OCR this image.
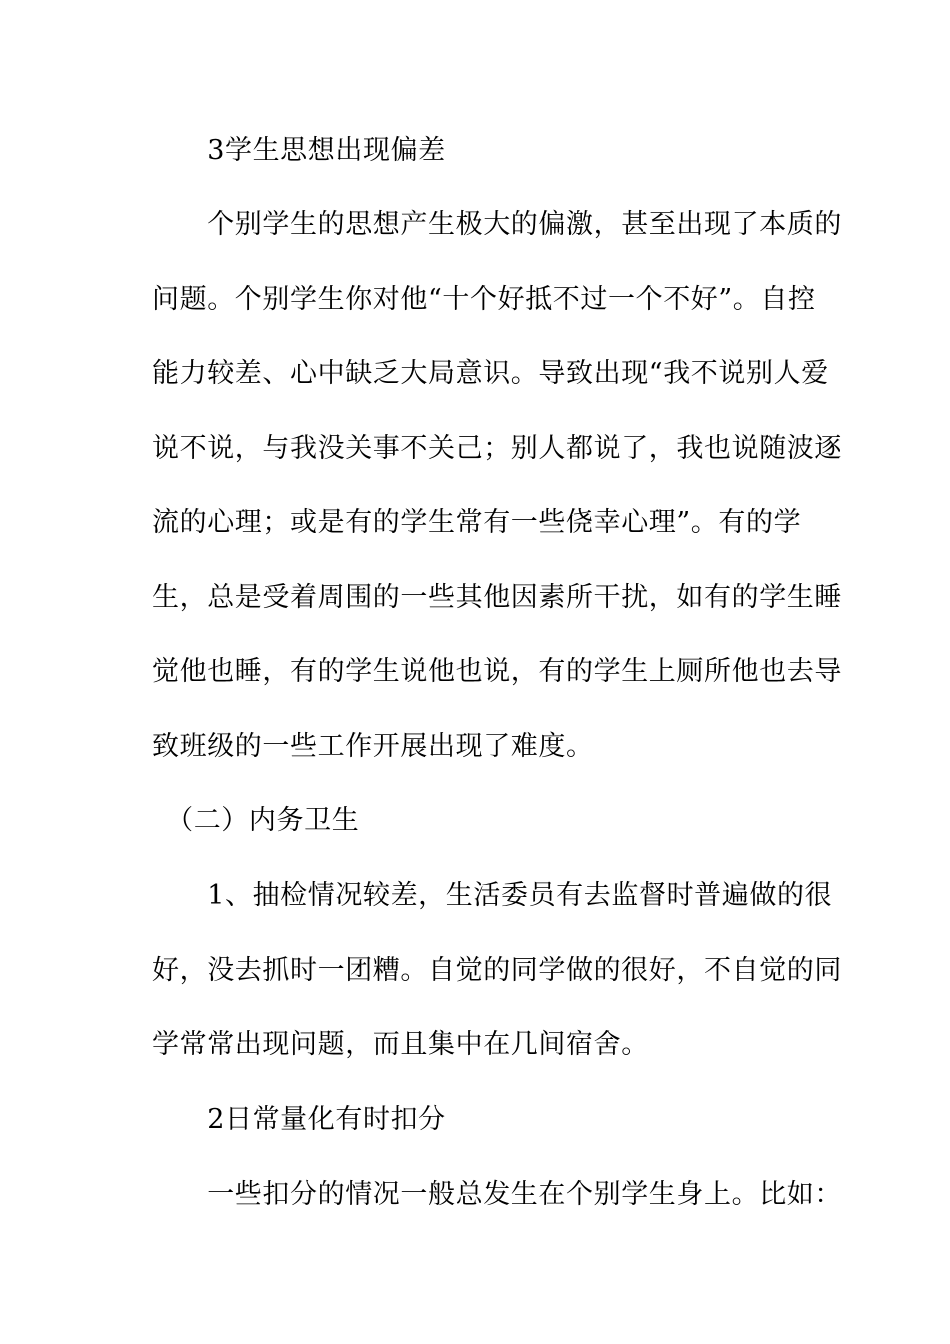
　　3学生思想出现偏差

　　个别学生的思想产生极大的偏激，甚至出现了本质的
问题。个别学生你对他“十个好抵不过一个不好”。自控
能力较差、心中缺乏大局意识。导致出现“我不说别人爱
说不说，与我没关事不关己；别人都说了，我也说随波逐
流的心理；或是有的学生常有一些侥幸心理”。有的学
生，总是受着周围的一些其他因素所干扰，如有的学生睡
觉他也睡，有的学生说他也说，有的学生上厕所他也去导
致班级的一些工作开展出现了难度。

　（二）内务卫生

　　1、抽检情况较差，生活委员有去监督时普遍做的很
好，没去抓时一团糟。自觉的同学做的很好，不自觉的同
学常常出现问题，而且集中在几间宿舍。

　　2日常量化有时扣分

　　一些扣分的情况一般总发生在个别学生身上。比如：
